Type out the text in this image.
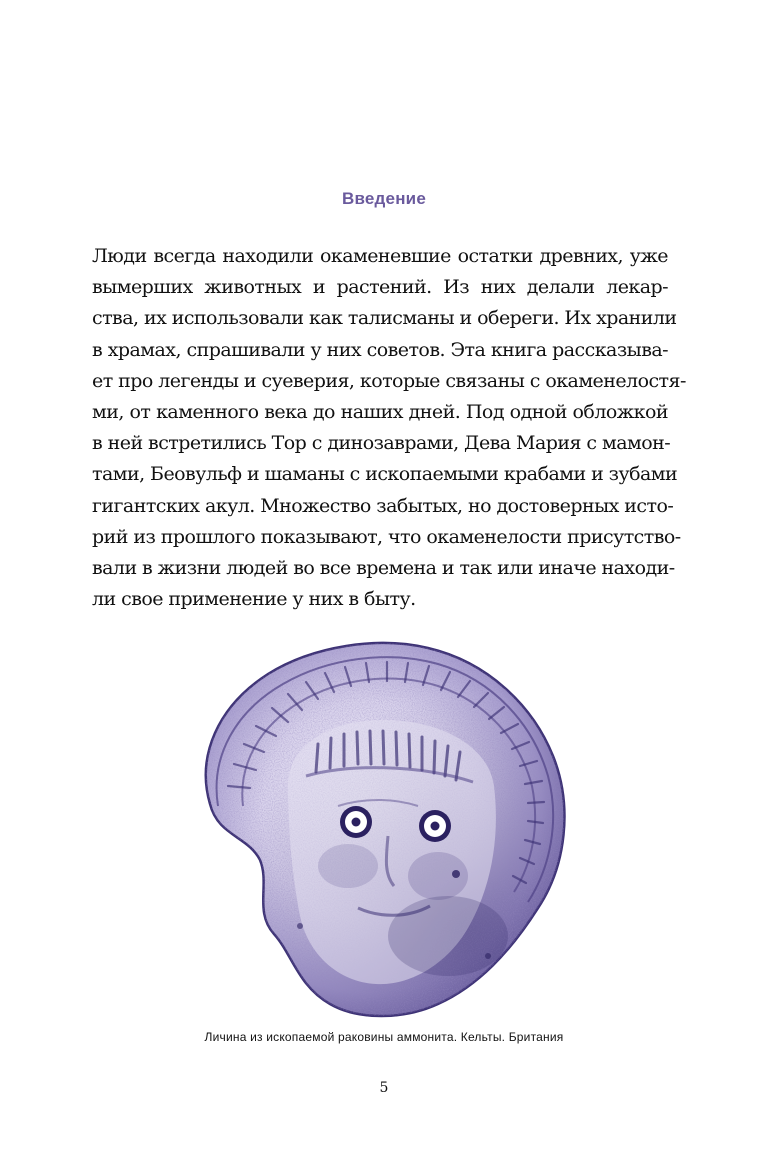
Введение
Люди всегда находили окаменевшие остатки древних, уже
вымерших животных и растений. Из них делали лекар-
ства, их использовали как талисманы и обереги. Их хранили
в храмах, спрашивали у них советов. Эта книга рассказыва-
ет про легенды и суеверия, которые связаны с окаменелостя-
ми, от каменного века до наших дней. Под одной обложкой
в ней встретились Тор с динозаврами, Дева Мария с мамон-
тами, Беовульф и шаманы с ископаемыми крабами и зубами
гигантских акул. Множество забытых, но достоверных исто-
рий из прошлого показывают, что окаменелости присутство-
вали в жизни людей во все времена и так или иначе находи-
ли свое применение у них в быту.
Личина из ископаемой раковины аммонита. Кельты. Британия
5
